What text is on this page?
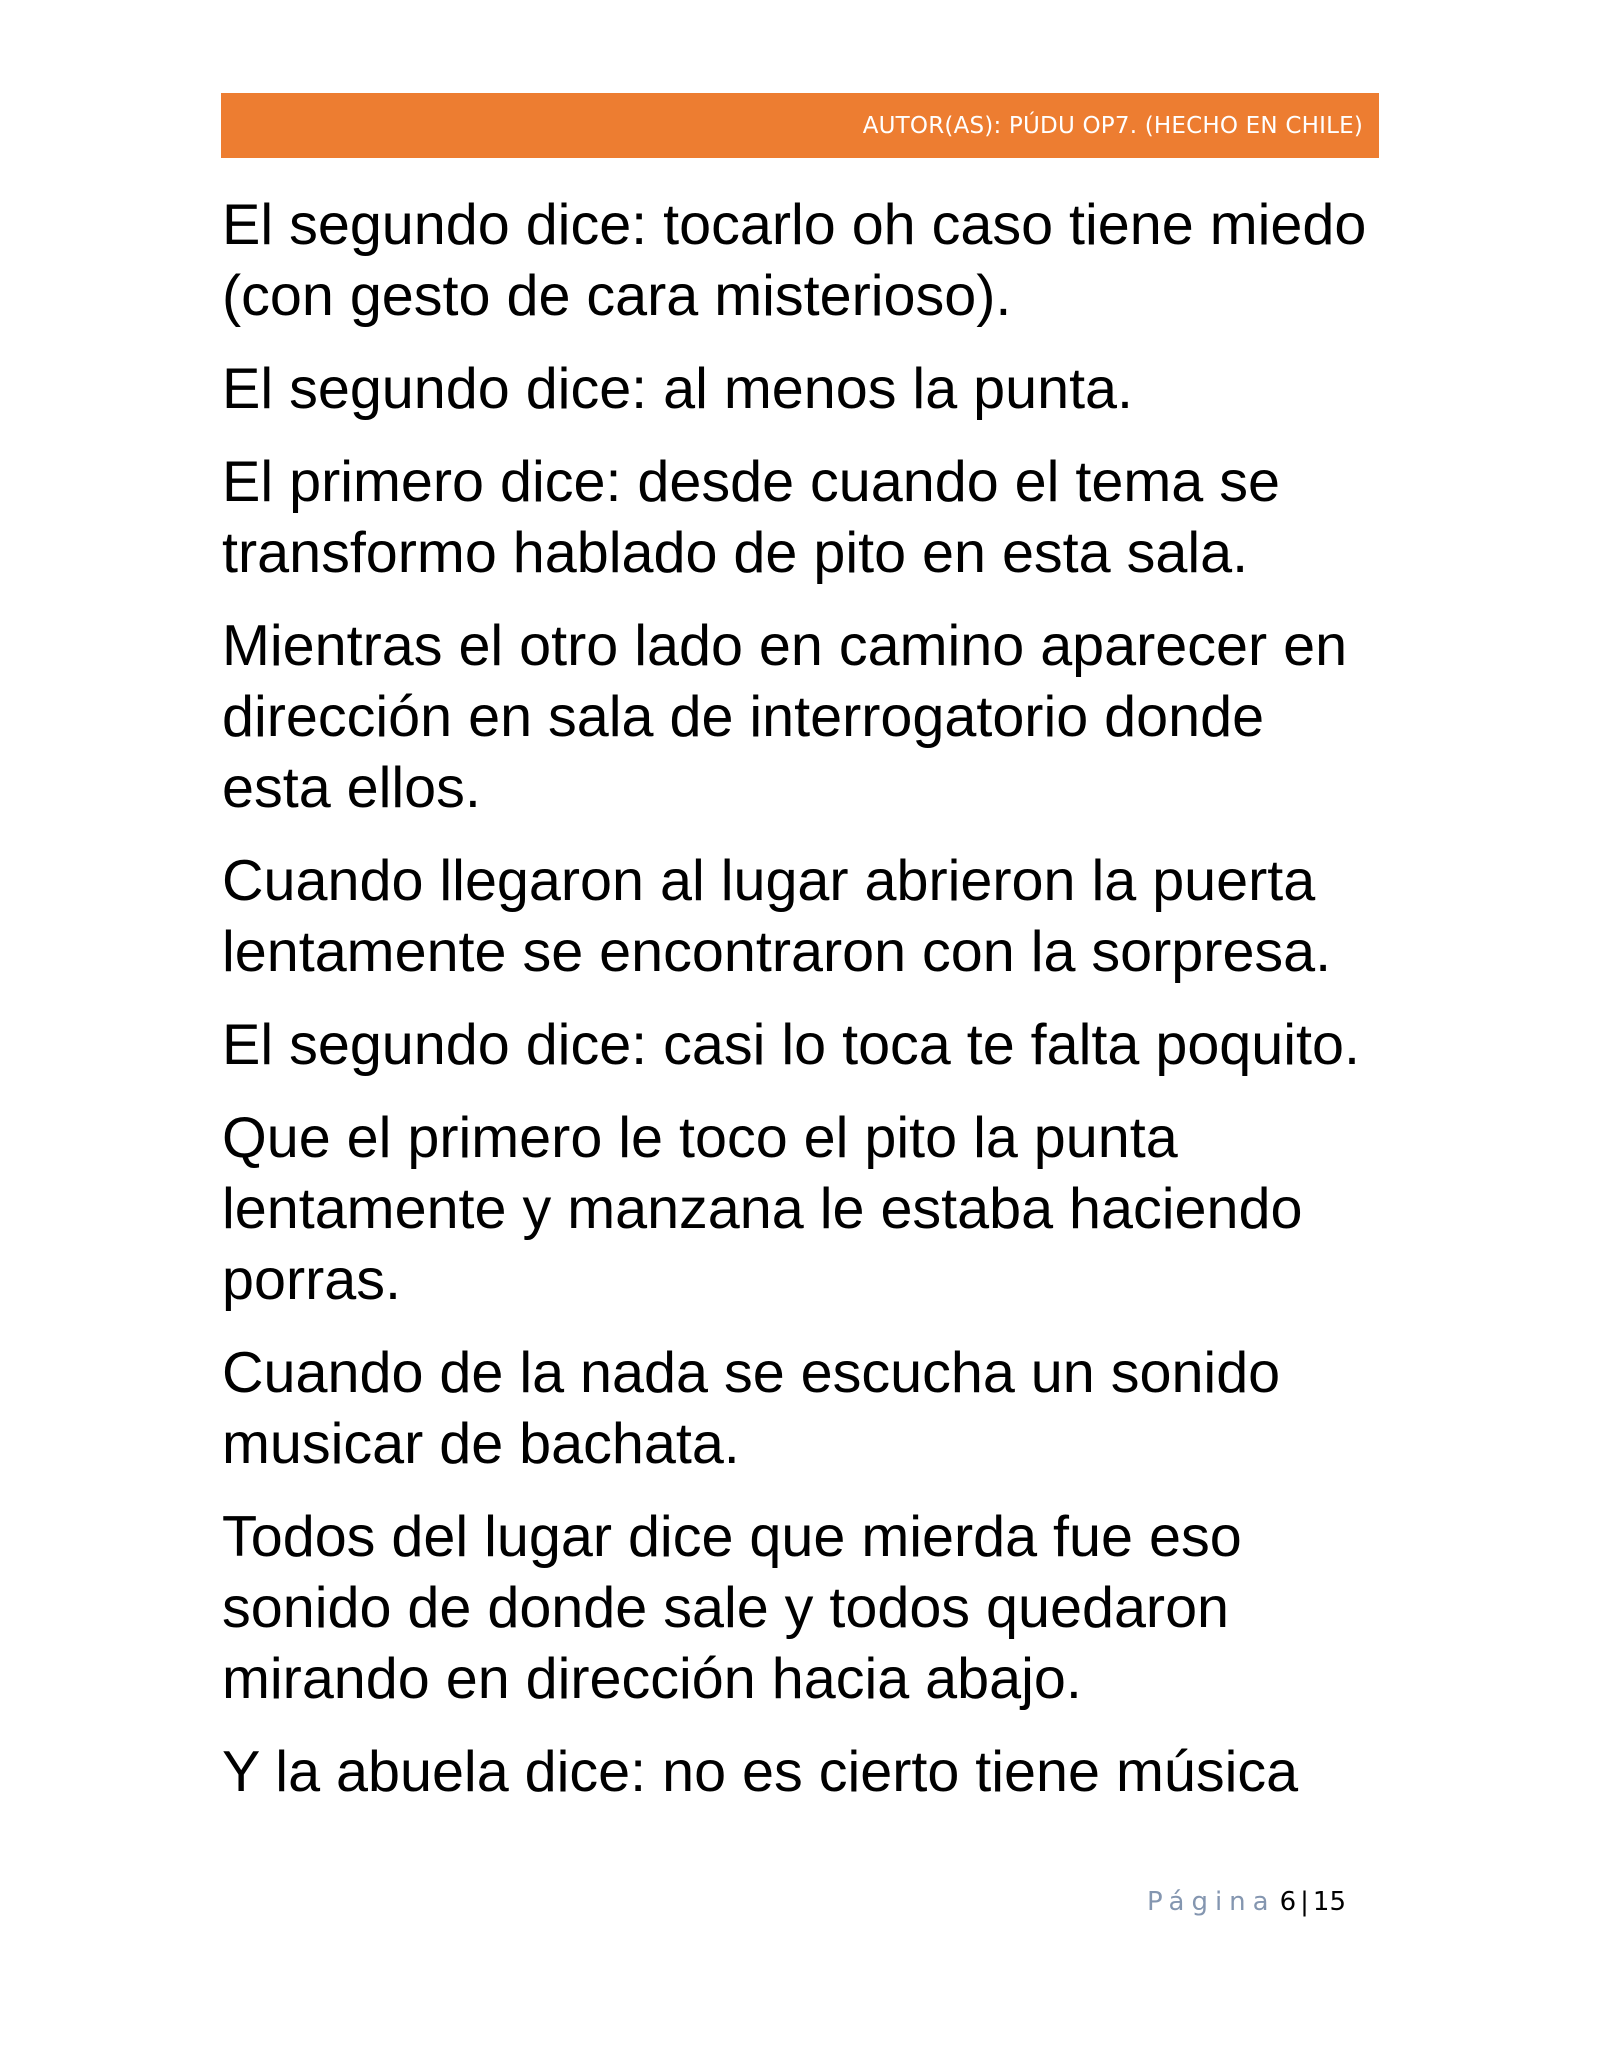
AUTOR(AS): PÚDU OP7. (HECHO EN CHILE)

El segundo dice: tocarlo oh caso tiene miedo
(con gesto de cara misterioso).

El segundo dice: al menos la punta.

El primero dice: desde cuando el tema se
transformo hablado de pito en esta sala.

Mientras el otro lado en camino aparecer en
dirección en sala de interrogatorio donde
esta ellos.

Cuando llegaron al lugar abrieron la puerta
lentamente se encontraron con la sorpresa.

El segundo dice: casi lo toca te falta poquito.

Que el primero le toco el pito la punta
lentamente y manzana le estaba haciendo
porras.

Cuando de la nada se escucha un sonido
musicar de bachata.

Todos del lugar dice que mierda fue eso
sonido de donde sale y todos quedaron
mirando en dirección hacia abajo.

Y la abuela dice: no es cierto tiene música

Página 6 | 15
